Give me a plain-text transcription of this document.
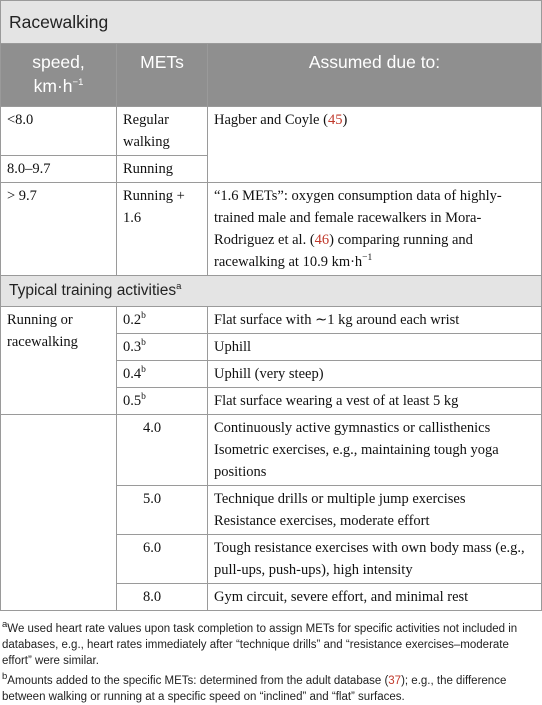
Racewalking		
speed,
$km\cdot h^{-1}$	METs	Assumed due to:
<8.0	Regular walking	Hagber and Coyle (45)
8.0–9.7	Running	
> 9.7	Running + 1.6	“1.6 METs”: oxygen consumption data of highly-trained male and female racewalkers in Mora-Rodriguez et al. (46) comparing running and racewalking at 10.9 $km\cdot h^{-1}$
Typical training activities$^a$
Running or racewalking	0.2$^b$	Flat surface with ∼1 kg around each wrist
	0.3$^b$	Uphill
	0.4$^b$	Uphill (very steep)
	0.5$^b$	Flat surface wearing a vest of at least 5 kg
	4.0	Continuously active gymnastics or callisthenics
Isometric exercises, e.g., maintaining tough yoga positions

	5.0	Technique drills or multiple jump exercises
Resistance exercises, moderate effort

	6.0	Tough resistance exercises with own body mass (e.g., pull-ups, push-ups), high intensity

	8.0	Gym circuit, severe effort, and minimal rest

$^a$We used heart rate values upon task completion to assign METs for specific activities not included in databases, e.g., heart rates immediately after “technique drills” and “resistance exercises–moderate effort” were similar.

$^b$Amounts added to the specific METs: determined from the adult database (37); e.g., the difference between walking or running at a specific speed on “inclined” and “flat” surfaces.
